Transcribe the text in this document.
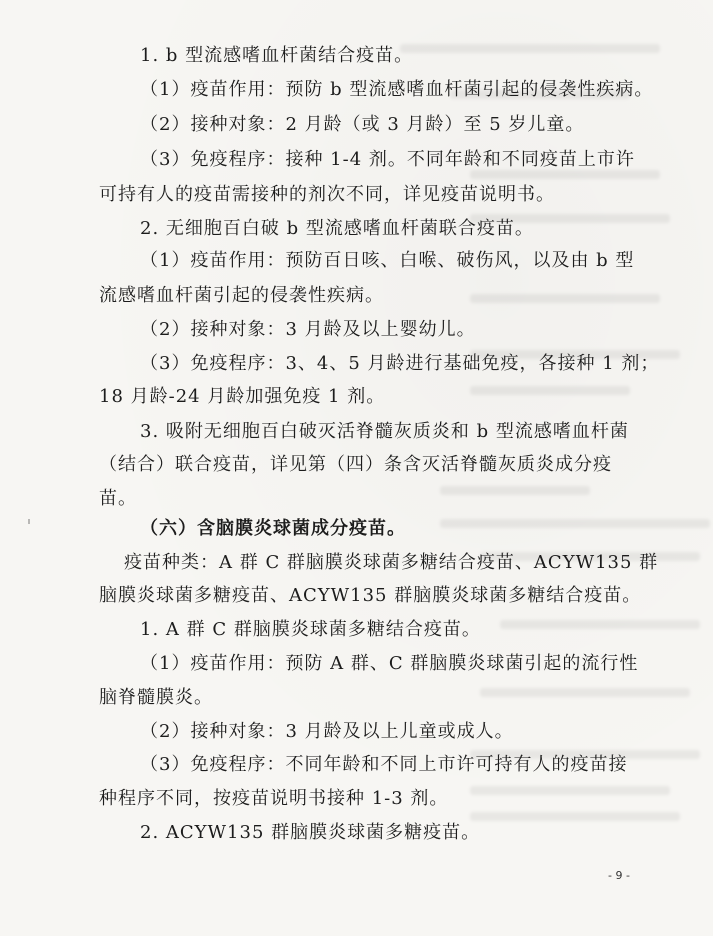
1. b 型流感嗜血杆菌结合疫苗。
（1）疫苗作用：预防 b 型流感嗜血杆菌引起的侵袭性疾病。
（2）接种对象：2 月龄（或 3 月龄）至 5 岁儿童。
（3）免疫程序：接种 1-4 剂。不同年龄和不同疫苗上市许
可持有人的疫苗需接种的剂次不同，详见疫苗说明书。
2. 无细胞百白破 b 型流感嗜血杆菌联合疫苗。
（1）疫苗作用：预防百日咳、白喉、破伤风，以及由 b 型
流感嗜血杆菌引起的侵袭性疾病。
（2）接种对象：3 月龄及以上婴幼儿。
（3）免疫程序：3、4、5 月龄进行基础免疫，各接种 1 剂；
18 月龄-24 月龄加强免疫 1 剂。
3. 吸附无细胞百白破灭活脊髓灰质炎和 b 型流感嗜血杆菌
（结合）联合疫苗，详见第（四）条含灭活脊髓灰质炎成分疫
苗。
（六）含脑膜炎球菌成分疫苗。
疫苗种类：A 群 C 群脑膜炎球菌多糖结合疫苗、ACYW135 群
脑膜炎球菌多糖疫苗、ACYW135 群脑膜炎球菌多糖结合疫苗。
1. A 群 C 群脑膜炎球菌多糖结合疫苗。
（1）疫苗作用：预防 A 群、C 群脑膜炎球菌引起的流行性
脑脊髓膜炎。
（2）接种对象：3 月龄及以上儿童或成人。
（3）免疫程序：不同年龄和不同上市许可持有人的疫苗接
种程序不同，按疫苗说明书接种 1-3 剂。
2. ACYW135 群脑膜炎球菌多糖疫苗。
- 9 -
